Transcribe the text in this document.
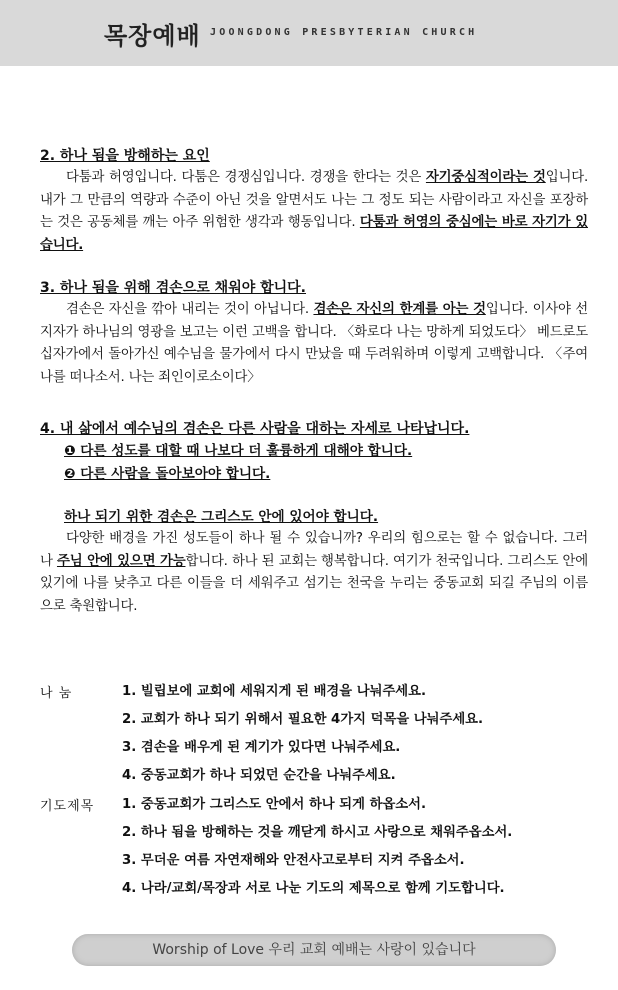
목장예배 JOONGDONG PRESBYTERIAN CHURCH

2. 하나 됨을 방해하는 요인

다툼과 허영입니다. 다툼은 경쟁심입니다. 경쟁을 한다는 것은 자기중심적이라는 것입니다. 내가 그 만큼의 역량과 수준이 아닌 것을 알면서도 나는 그 정도 되는 사람이라고 자신을 포장하는 것은 공동체를 깨는 아주 위험한 생각과 행동입니다. 다툼과 허영의 중심에는 바로 자기가 있습니다.

3. 하나 됨을 위해 겸손으로 채워야 합니다.

겸손은 자신을 깎아 내리는 것이 아닙니다. 겸손은 자신의 한계를 아는 것입니다. 이사야 선지자가 하나님의 영광을 보고는 이런 고백을 합니다. 〈화로다 나는 망하게 되었도다〉 베드로도 십자가에서 돌아가신 예수님을 물가에서 다시 만났을 때 두려워하며 이렇게 고백합니다. 〈주여 나를 떠나소서. 나는 죄인이로소이다〉

4. 내 삶에서 예수님의 겸손은 다른 사람을 대하는 자세로 나타납니다.

❶ 다른 성도를 대할 때 나보다 더 훌륭하게 대해야 합니다.

❷ 다른 사람을 돌아보아야 합니다.

하나 되기 위한 겸손은 그리스도 안에 있어야 합니다.

다양한 배경을 가진 성도들이 하나 될 수 있습니까? 우리의 힘으로는 할 수 없습니다. 그러나 주님 안에 있으면 가능합니다. 하나 된 교회는 행복합니다. 여기가 천국입니다. 그리스도 안에 있기에 나를 낮추고 다른 이들을 더 세워주고 섬기는 천국을 누리는 중동교회 되길 주님의 이름으로 축원합니다.

나 눔	1. 빌립보에 교회에 세워지게 된 배경을 나눠주세요.
2. 교회가 하나 되기 위해서 필요한 4가지 덕목을 나눠주세요.
3. 겸손을 배우게 된 계기가 있다면 나눠주세요.
4. 중동교회가 하나 되었던 순간을 나눠주세요.
기도제목 1. 중동교회가 그리스도 안에서 하나 되게 하옵소서.
2. 하나 됨을 방해하는 것을 깨닫게 하시고 사랑으로 채워주옵소서.
3. 무더운 여름 자연재해와 안전사고로부터 지켜 주옵소서.
4. 나라/교회/목장과 서로 나눈 기도의 제목으로 함께 기도합니다.
Worship of Love 우리 교회 예배는 사랑이 있습니다
